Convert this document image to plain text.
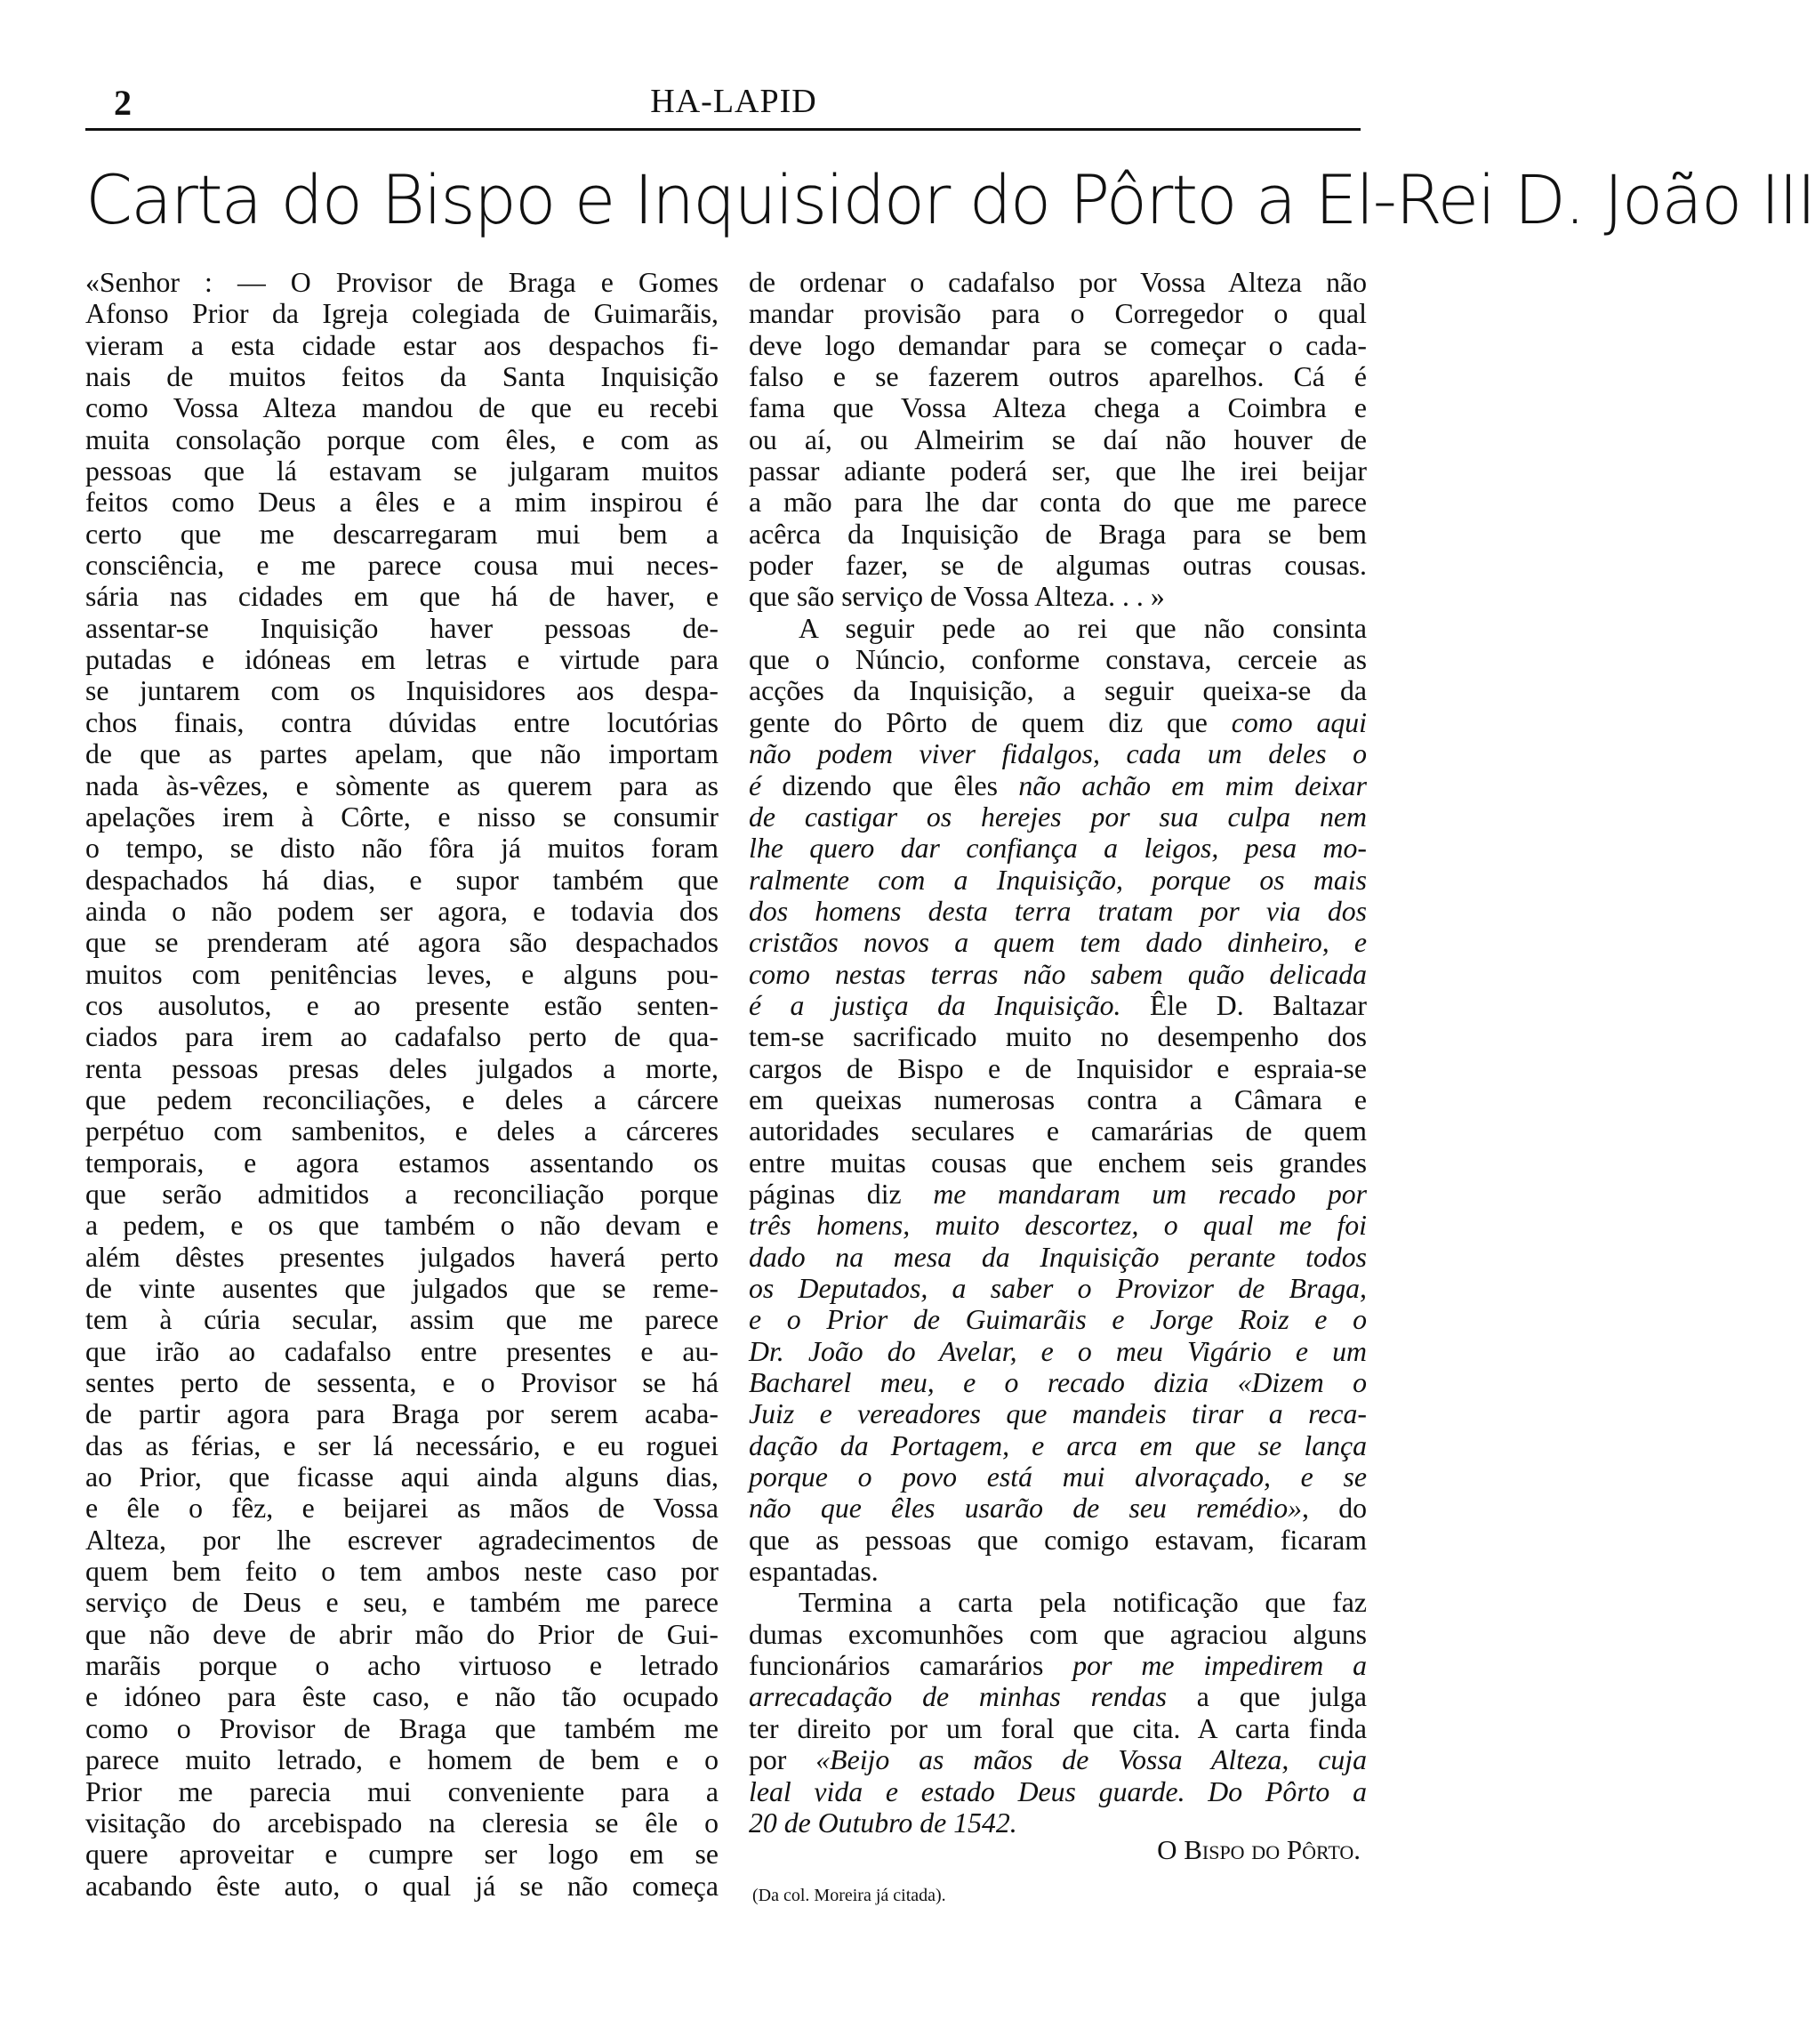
2	HA-LAPID
Carta do Bispo e Inquisidor do Pôrto a El-Rei D. João III
«Senhor : — O Provisor de Braga e Gomes
Afonso Prior da Igreja colegiada de Guimarãis,
vieram a esta cidade estar aos despachos fi-
nais de muitos feitos da Santa Inquisição
como Vossa Alteza mandou de que eu recebi
muita consolação porque com êles, e com as
pessoas que lá estavam se julgaram muitos
feitos como Deus a êles e a mim inspirou é
certo que me descarregaram mui bem a
consciência, e me parece cousa mui neces-
sária nas cidades em que há de haver, e
assentar-se Inquisição haver pessoas de-
putadas e idóneas em letras e virtude para
se juntarem com os Inquisidores aos despa-
chos finais, contra dúvidas entre locutórias
de que as partes apelam, que não importam
nada às-vêzes, e sòmente as querem para as
apelações irem à Côrte, e nisso se consumir
o tempo, se disto não fôra já muitos foram
despachados há dias, e supor também que
ainda o não podem ser agora, e todavia dos
que se prenderam até agora são despachados
muitos com penitências leves, e alguns pou-
cos ausolutos, e ao presente estão senten-
ciados para irem ao cadafalso perto de qua-
renta pessoas presas deles julgados a morte,
que pedem reconciliações, e deles a cárcere
perpétuo com sambenitos, e deles a cárceres
temporais, e agora estamos assentando os
que serão admitidos a reconciliação porque
a pedem, e os que também o não devam e
além dêstes presentes julgados haverá perto
de vinte ausentes que julgados que se reme-
tem à cúria secular, assim que me parece
que irão ao cadafalso entre presentes e au-
sentes perto de sessenta, e o Provisor se há
de partir agora para Braga por serem acaba-
das as férias, e ser lá necessário, e eu roguei
ao Prior, que ficasse aqui ainda alguns dias,
e êle o fêz, e beijarei as mãos de Vossa
Alteza, por lhe escrever agradecimentos de
quem bem feito o tem ambos neste caso por
serviço de Deus e seu, e também me parece
que não deve de abrir mão do Prior de Gui-
marãis porque o acho virtuoso e letrado
e idóneo para êste caso, e não tão ocupado
como o Provisor de Braga que também me
parece muito letrado, e homem de bem e o
Prior me parecia mui conveniente para a
visitação do arcebispado na cleresia se êle o
quere aproveitar e cumpre ser logo em se
acabando êste auto, o qual já se não começa
de ordenar o cadafalso por Vossa Alteza não
mandar provisão para o Corregedor o qual
deve logo demandar para se começar o cada-
falso e se fazerem outros aparelhos. Cá é
fama que Vossa Alteza chega a Coimbra e
ou aí, ou Almeirim se daí não houver de
passar adiante poderá ser, que lhe irei beijar
a mão para lhe dar conta do que me parece
acêrca da Inquisição de Braga para se bem
poder fazer, se de algumas outras cousas.
que são serviço de Vossa Alteza. . . »
A seguir pede ao rei que não consinta
que o Núncio, conforme constava, cerceie as
acções da Inquisição, a seguir queixa-se da
gente do Pôrto de quem diz que como aqui
não podem viver fidalgos, cada um deles o
é dizendo que êles não achão em mim deixar
de castigar os herejes por sua culpa nem
lhe quero dar confiança a leigos, pesa mo-
ralmente com a Inquisição, porque os mais
dos homens desta terra tratam por via dos
cristãos novos a quem tem dado dinheiro, e
como nestas terras não sabem quão delicada
é a justiça da Inquisição. Êle D. Baltazar
tem-se sacrificado muito no desempenho dos
cargos de Bispo e de Inquisidor e espraia-se
em queixas numerosas contra a Câmara e
autoridades seculares e camarárias de quem
entre muitas cousas que enchem seis grandes
páginas diz me mandaram um recado por
três homens, muito descortez, o qual me foi
dado na mesa da Inquisição perante todos
os Deputados, a saber o Provizor de Braga,
e o Prior de Guimarãis e Jorge Roiz e o
Dr. João do Avelar, e o meu Vigário e um
Bacharel meu, e o recado dizia «Dizem o
Juiz e vereadores que mandeis tirar a reca-
dação da Portagem, e arca em que se lança
porque o povo está mui alvoraçado, e se
não que êles usarão de seu remédio», do
que as pessoas que comigo estavam, ficaram
espantadas.
Termina a carta pela notificação que faz
dumas excomunhões com que agraciou alguns
funcionários camarários por me impedirem a
arrecadação de minhas rendas a que julga
ter direito por um foral que cita. A carta finda
por «Beijo as mãos de Vossa Alteza, cuja
leal vida e estado Deus guarde. Do Pôrto a
20 de Outubro de 1542.
O Bispo do Pôrto.
(Da col. Moreira já citada).
